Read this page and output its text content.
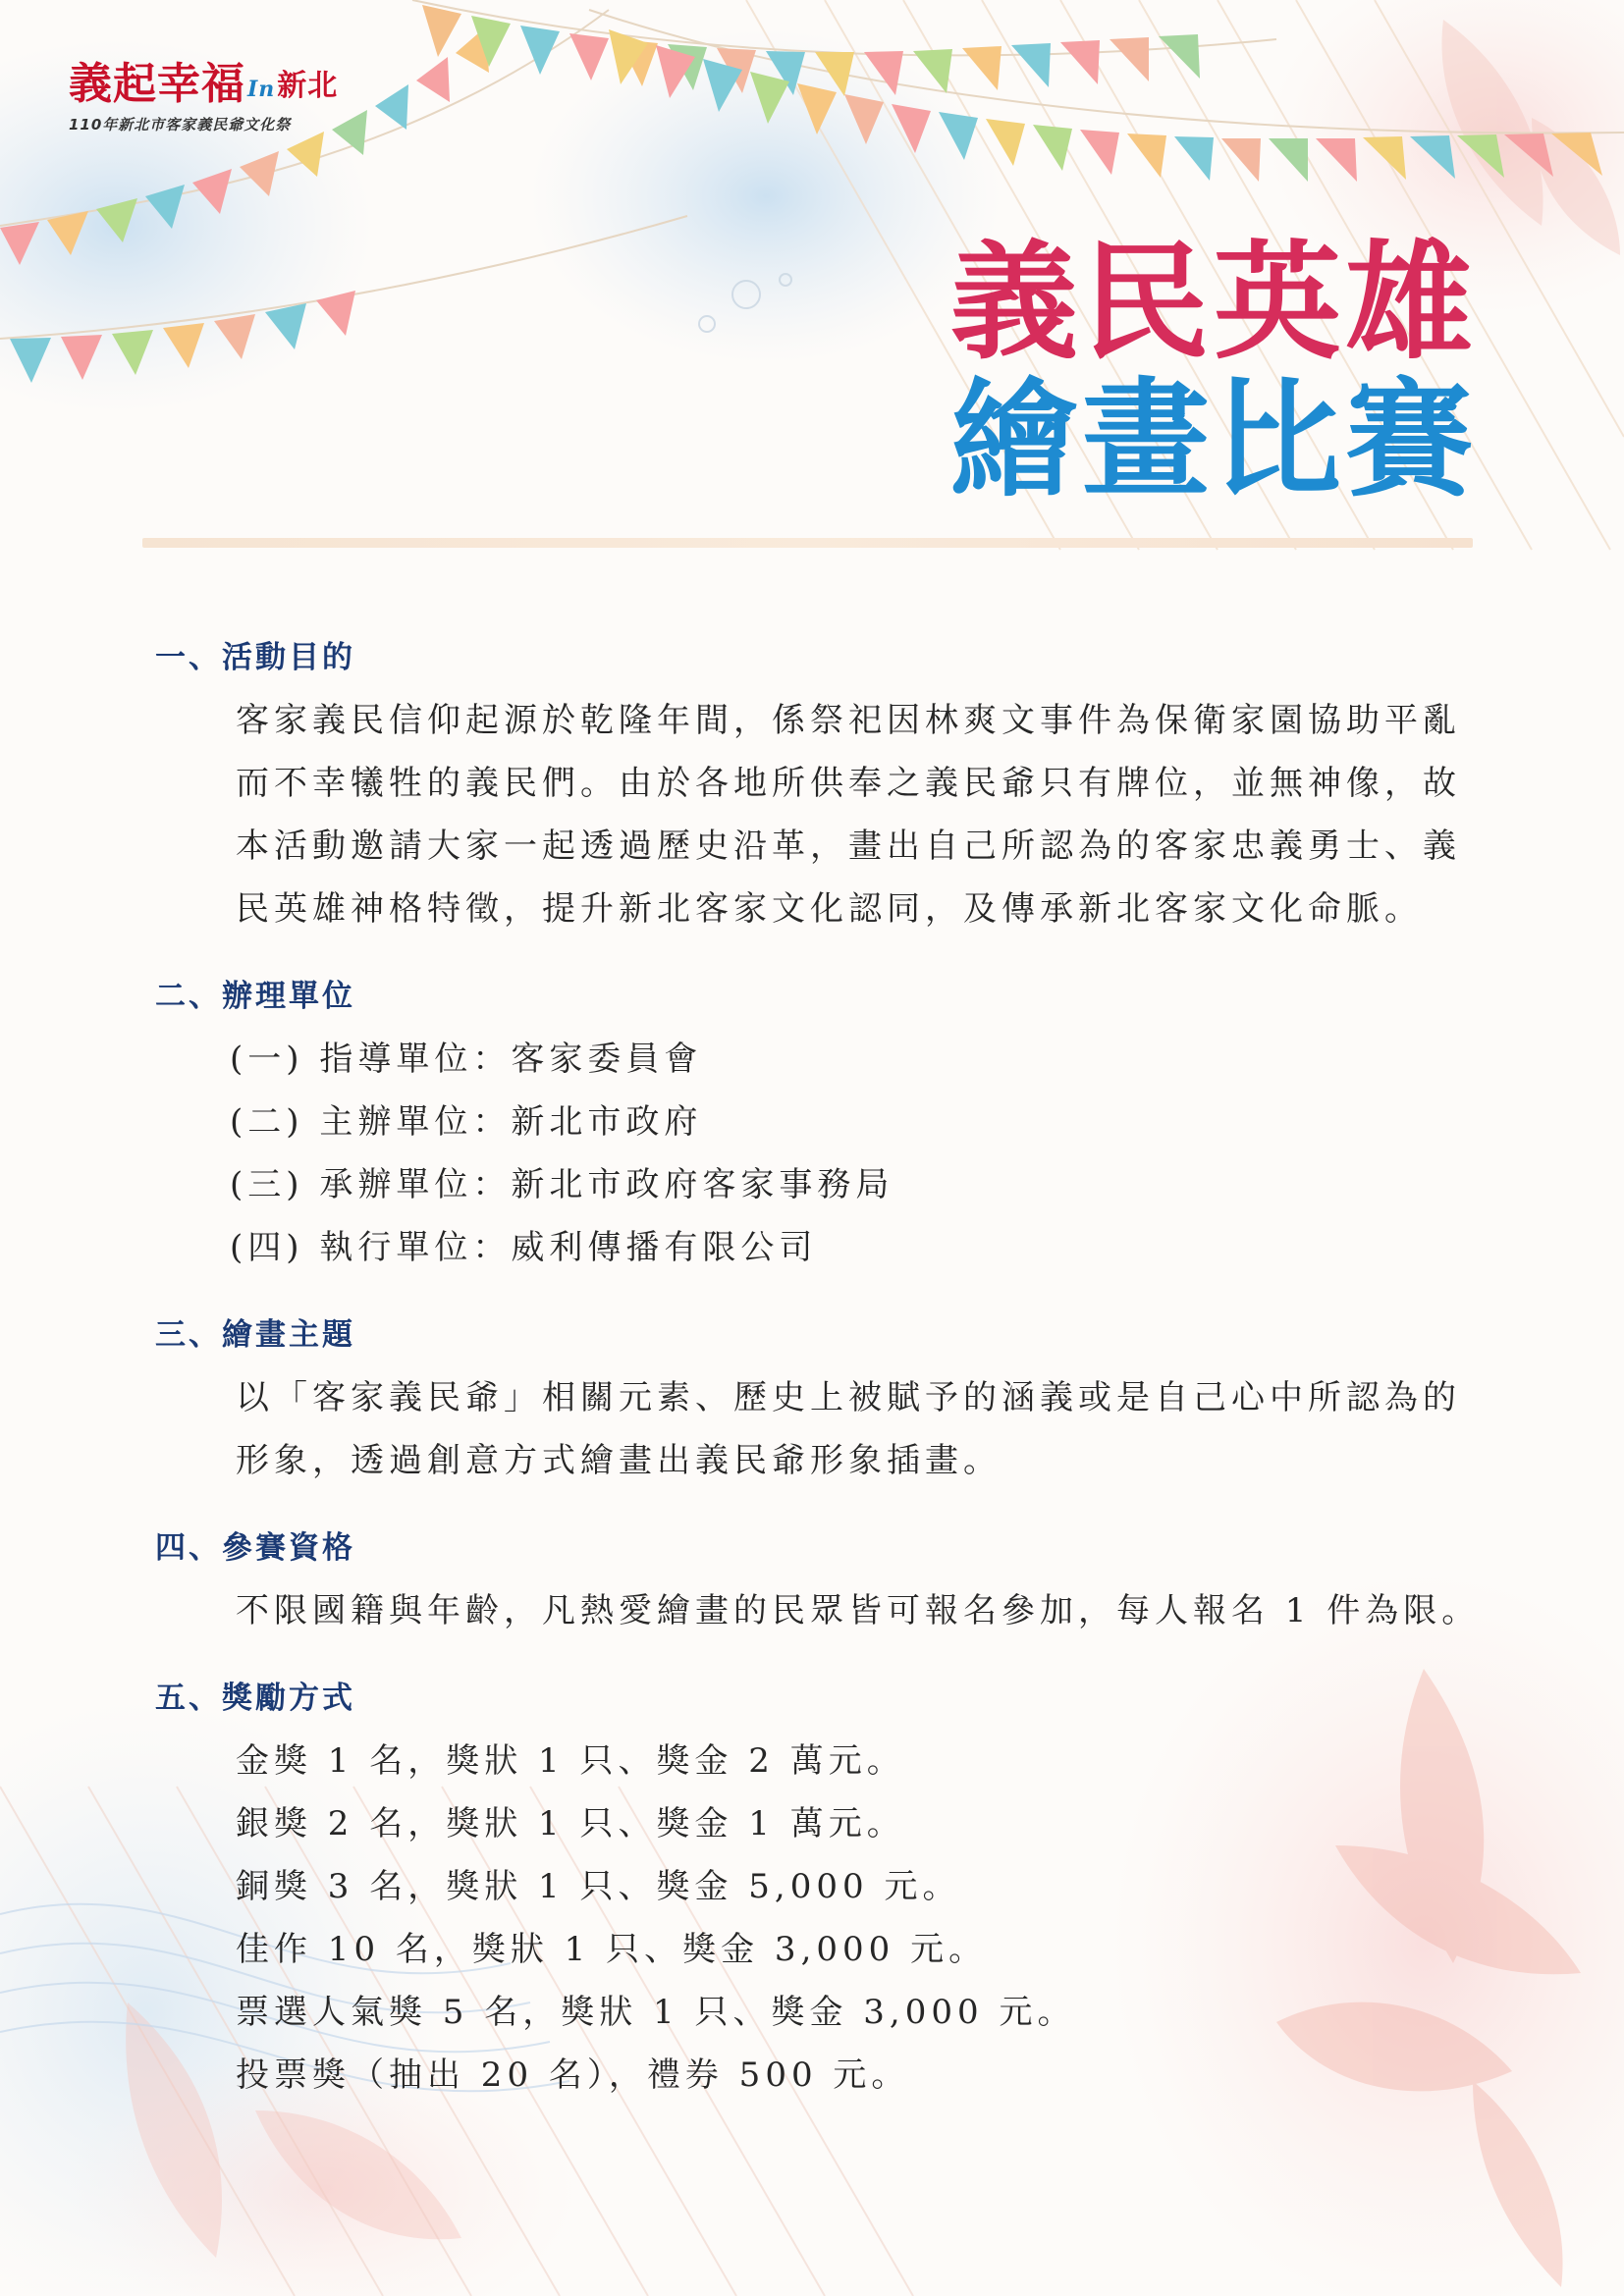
義起幸福In新北
110年新北市客家義民爺文化祭
義民英雄
繪畫比賽
一、活動目的
客家義民信仰起源於乾隆年間，係祭祀因林爽文事件為保衛家園協助平亂
而不幸犧牲的義民們。由於各地所供奉之義民爺只有牌位，並無神像，故
本活動邀請大家一起透過歷史沿革，畫出自己所認為的客家忠義勇士、義
民英雄神格特徵，提升新北客家文化認同，及傳承新北客家文化命脈。
二、辦理單位
(一) 指導單位：客家委員會
(二) 主辦單位：新北市政府
(三) 承辦單位：新北市政府客家事務局
(四) 執行單位：威利傳播有限公司
三、繪畫主題
以「客家義民爺」相關元素、歷史上被賦予的涵義或是自己心中所認為的
形象，透過創意方式繪畫出義民爺形象插畫。
四、參賽資格
不限國籍與年齡，凡熱愛繪畫的民眾皆可報名參加，每人報名 1 件為限。
五、獎勵方式
金獎 1 名，獎狀 1 只、獎金 2 萬元。
銀獎 2 名，獎狀 1 只、獎金 1 萬元。
銅獎 3 名，獎狀 1 只、獎金 5,000 元。
佳作 10 名，獎狀 1 只、獎金 3,000 元。
票選人氣獎 5 名，獎狀 1 只、獎金 3,000 元。
投票獎（抽出 20 名），禮券 500 元。
